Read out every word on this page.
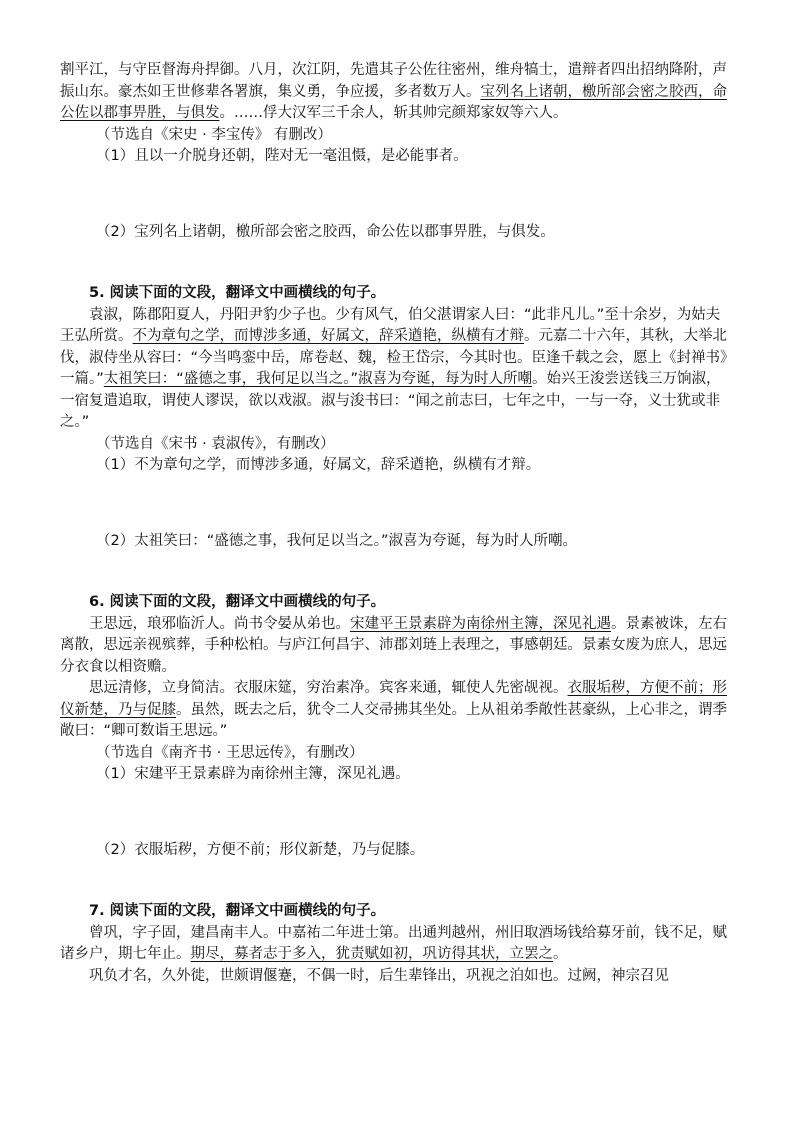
割平江，与守臣督海舟捍御。八月，次江阴，先遣其子公佐往密州，维舟犒士，遣辩者四出招纳降附，声振山东。豪杰如王世修辈各署旗，集义勇，争应援，多者数万人。宝列名上诸朝，檄所部会密之胶西，命公佐以郡事畀胜，与俱发。……俘大汉军三千余人，斩其帅完颜郑家奴等六人。

（节选自《宋史 · 李宝传》 有删改）

（1）且以一介脱身还朝，陛对无一毫沮慑，是必能事者。

（2）宝列名上诸朝，檄所部会密之胶西，命公佐以郡事畀胜，与俱发。

5. 阅读下面的文段，翻译文中画横线的句子。

袁淑，陈郡阳夏人，丹阳尹豹少子也。少有风气，伯父湛谓家人曰：“此非凡儿。”至十余岁，为姑夫王弘所赏。不为章句之学，而博涉多通，好属文，辞采遒艳，纵横有才辩。元嘉二十六年，其秋，大举北伐，淑侍坐从容曰：“今当鸣銮中岳，席卷赵、魏，检王岱宗，今其时也。臣逢千载之会，愿上《封禅书》一篇。”太祖笑曰：“盛德之事，我何足以当之。”淑喜为夸诞，每为时人所嘲。始兴王浚尝送钱三万饷淑，一宿复遣追取，谓使人谬误，欲以戏淑。淑与浚书曰：“闻之前志曰，七年之中，一与一夺，义士犹或非之。”

（节选自《宋书 · 袁淑传》，有删改）

（1）不为章句之学，而博涉多通，好属文，辞采遒艳，纵横有才辩。

（2）太祖笑曰：“盛德之事，我何足以当之。”淑喜为夸诞，每为时人所嘲。

6. 阅读下面的文段，翻译文中画横线的句子。

王思远，琅邪临沂人。尚书令晏从弟也。宋建平王景素辟为南徐州主簿，深见礼遇。景素被诛，左右离散，思远亲视殡葬，手种松柏。与庐江何昌宇、沛郡刘琏上表理之，事感朝廷。景素女废为庶人，思远分衣食以相资赡。

思远清修，立身简洁。衣服床筵，穷治素净。宾客来通，辄使人先密觇视。衣服垢秽，方便不前；形仪新楚，乃与促膝。虽然，既去之后，犹令二人交帚拂其坐处。上从祖弟季敞性甚豪纵，上心非之，谓季敞曰：“卿可数诣王思远。”

（节选自《南齐书 · 王思远传》，有删改）

（1）宋建平王景素辟为南徐州主簿，深见礼遇。

（2）衣服垢秽，方便不前；形仪新楚，乃与促膝。

7. 阅读下面的文段，翻译文中画横线的句子。

曾巩，字子固，建昌南丰人。中嘉祐二年进士第。出通判越州，州旧取酒场钱给募牙前，钱不足，赋诸乡户，期七年止。期尽，募者志于多入，犹责赋如初，巩访得其状，立罢之。

巩负才名，久外徙，世颇谓偃蹇，不偶一时，后生辈锋出，巩视之泊如也。过阙，神宗召见
